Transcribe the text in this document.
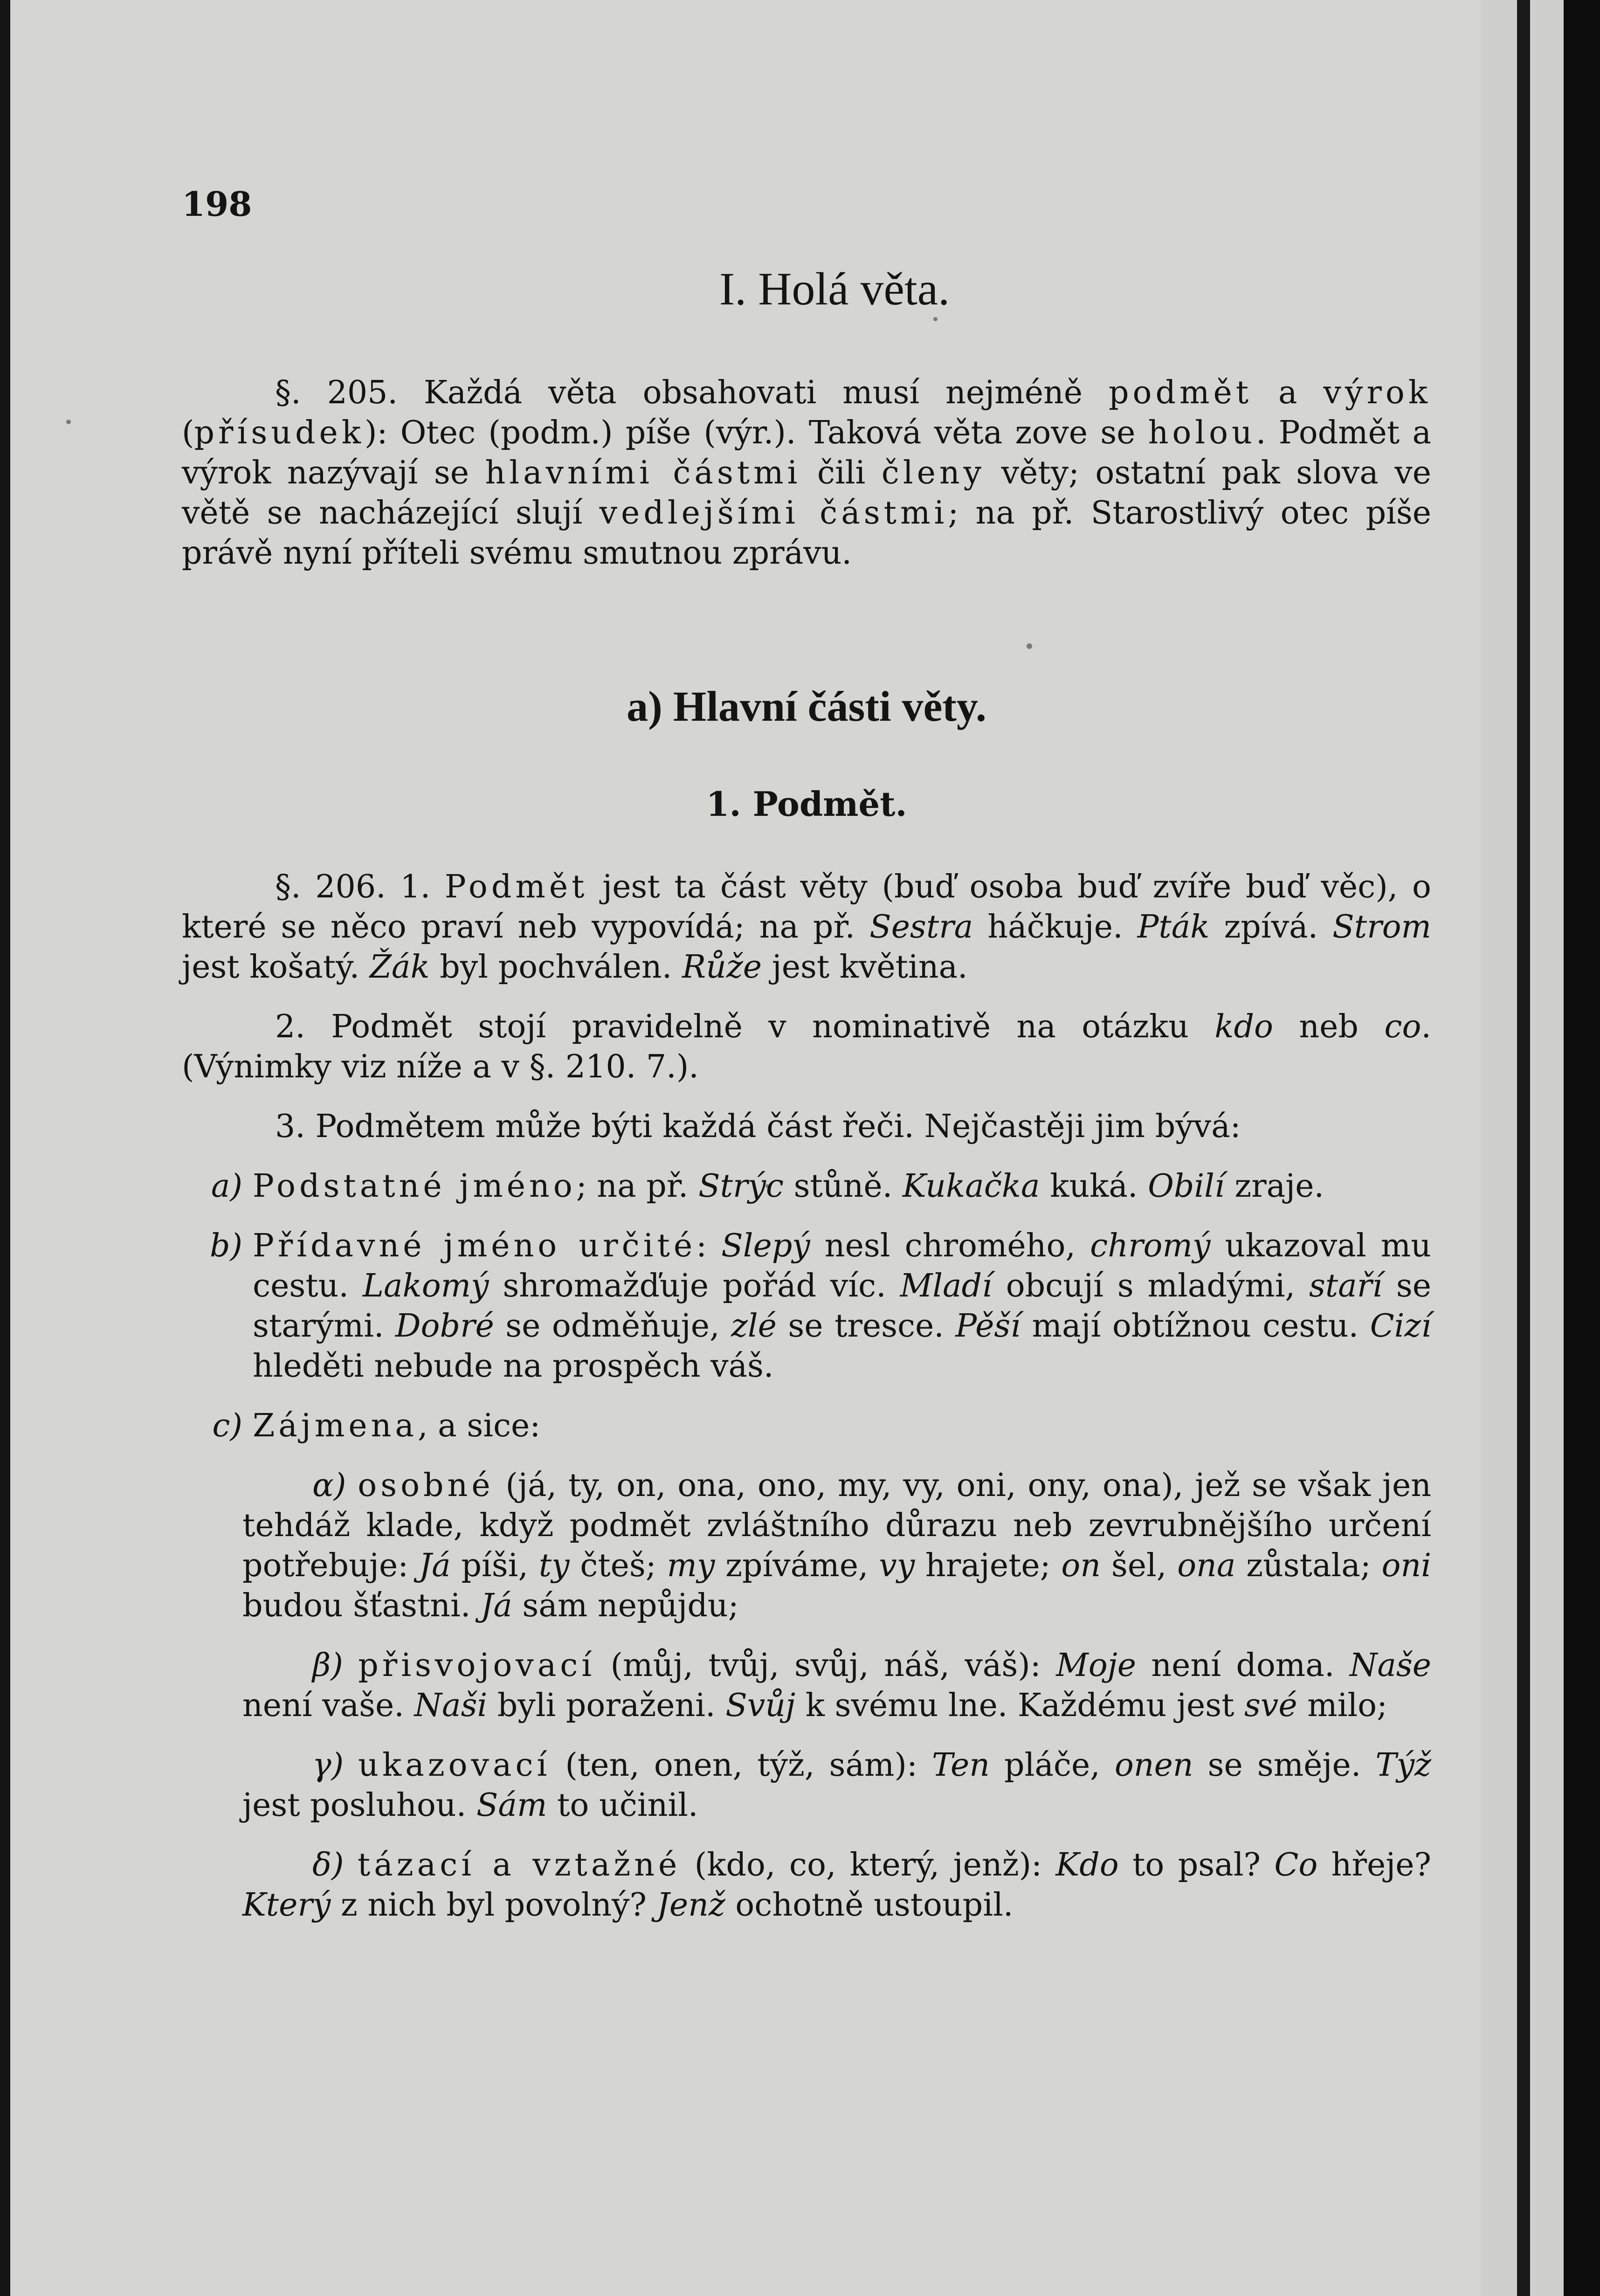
198
I. Holá věta.

§. 205. Každá věta obsahovati musí nejméně podmět a výrok (přísudek): Otec (podm.) píše (výr.). Taková věta zove se holou. Podmět a výrok nazývají se hlavními částmi čili členy věty; ostatní pak slova ve větě se nacházející slují vedlejšími částmi; na př. Starostlivý otec píše právě nyní příteli svému smutnou zprávu.

a) Hlavní části věty.
1. Podmět.

§. 206. 1. Podmět jest ta část věty (buď osoba buď zvíře buď věc), o které se něco praví neb vypovídá; na př. Sestra háčkuje. Pták zpívá. Strom jest košatý. Žák byl pochválen. Růže jest květina.

2. Podmět stojí pravidelně v nominativě na otázku kdo neb co. (Výnimky viz níže a v §. 210. 7.).

3. Podmětem může býti každá část řeči. Nejčastěji jim bývá:

a) Podstatné jméno; na př. Strýc stůně. Kukačka kuká. Obilí zraje.
b) Přídavné jméno určité: Slepý nesl chromého, chromý ukazoval mu cestu. Lakomý shromažďuje pořád víc. Mladí obcují s mladými, staří se starými. Dobré se odměňuje, zlé se tresce. Pěší mají obtížnou cestu. Cizí hleděti nebude na prospěch váš.
c) Zájmena, a sice:

α) osobné (já, ty, on, ona, ono, my, vy, oni, ony, ona), jež se však jen tehdáž klade, když podmět zvláštního důrazu neb zevrubnějšího určení potřebuje: Já píši, ty čteš; my zpíváme, vy hrajete; on šel, ona zůstala; oni budou šťastni. Já sám nepůjdu;

β) přisvojovací (můj, tvůj, svůj, náš, váš): Moje není doma. Naše není vaše. Naši byli poraženi. Svůj k svému lne. Každému jest své milo;

γ) ukazovací (ten, onen, týž, sám): Ten pláče, onen se směje. Týž jest posluhou. Sám to učinil.

δ) tázací a vztažné (kdo, co, který, jenž): Kdo to psal? Co hřeje? Který z nich byl povolný? Jenž ochotně ustoupil.
